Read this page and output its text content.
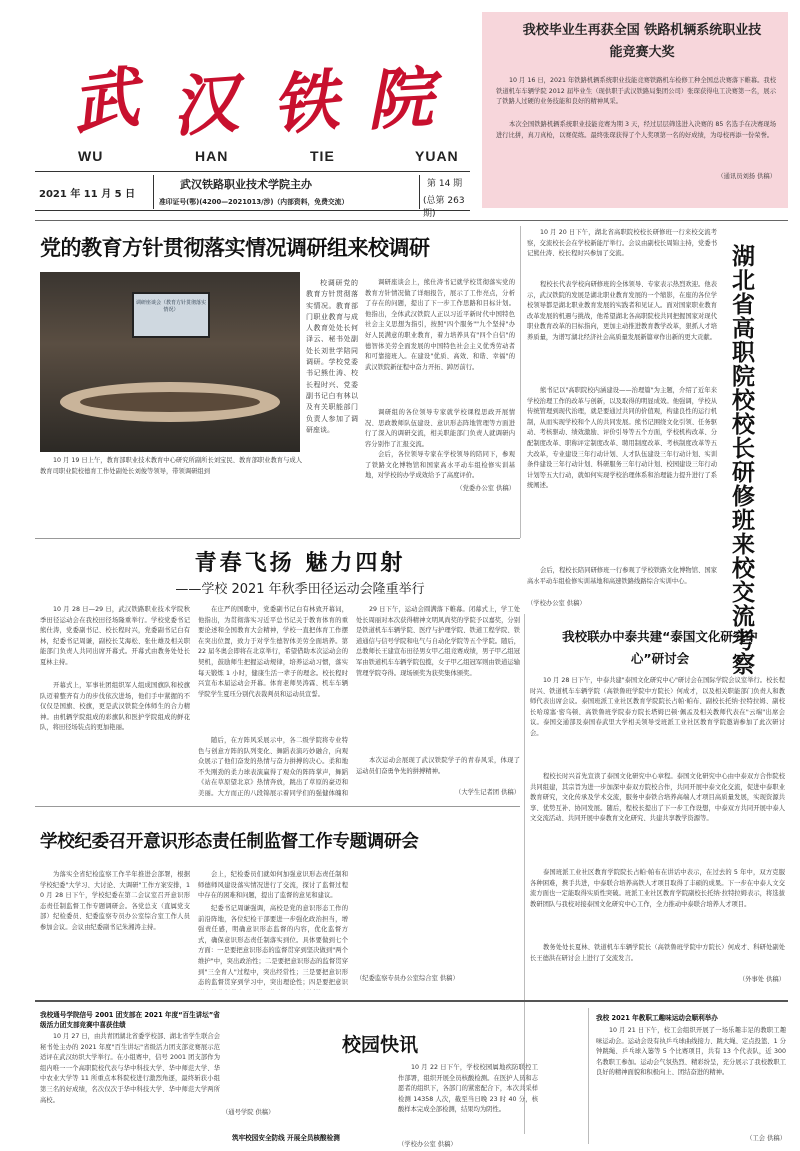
武 汉 铁 院
WU	HAN	TIE	YUAN
2021 年 11 月 5 日
武汉铁路职业技术学院主办
准印证号(鄂)(4200—2021013/涉)（内部资料，免费交流）
第 14 期
(总第 263 期)
我校毕业生再获全国 铁路机辆系统职业技能竞赛大奖
10 月 16 日，2021 年铁路机辆系统职业技能竞赛铁路机车检修工种全国总决赛落下帷幕。我校铁道机车车辆学院 2012 届毕业生（现供职于武汉铁路局集团公司）张琛获得电工决赛第一名，展示了铁路人过硬的业务技能和良好的精神风采。
本次全国铁路机辆系统职业技能竞赛为期 3 天，经过层层筛选进入决赛的 85 名选手在决赛现场进行比拼，真刀真枪，以赛促练。最终张琛获得了个人奖项第一名的好成绩，为母校再添一份荣誉。
（通讯员刘扬 供稿）
党的教育方针贯彻落实情况调研组来校调研
调研座谈会（教育方针贯彻落实情况）
10 月 19 日上午，教育部职业技术教育中心研究所副所长刘宝民、教育部职业教育与成人教育司职业院校德育工作处副处长刘俊等领导，带领调研组到
校调研党的教育方针贯彻落实情况。教育部门职业教育与成人教育处处长何泽云、秘书处副处长刘世学陪同调研。学校党委书记熊仕涛、校长程时兴、党委副书记白有林以及有关职能部门负责人参加了调研座谈。
调研座谈会上，熊仕涛书记就学校贯彻落实党的教育方针情况做了详细报告，展示了工作亮点，分析了存在的问题，提出了下一步工作思路和目标计划。他指出，全体武汉铁院人正以习近平新时代中国特色社会主义思想为指引，按照"四个服务""九个坚持"办好人民满意的职业教育，着力培养具有"四个自信"的德智体美劳全面发展的中国特色社会主义优秀劳动者和可靠接班人。在建设"优质、高效、和谐、幸福"的武汉铁院新征程中奋力开拓、踔厉前行。
调研组的各位领导专家就学校课程思政开展情况、思政教师队伍建设、意识形态阵地管理等方面进行了深入的调研交流，相关职能部门负责人就调研内容分别作了汇报交流。
会后，各位领导专家在学校领导的陪同下，参观了铁路文化博物馆和国家高水平动车组检修实训基地，对学校的办学成效给予了高度评价。
（党委办公室 供稿）
10 月 20 日下午，湖北省高职院校校长研修班一行来校交流考察，交流校长会在学校新能厅举行。会议由副校长周锦主持，党委书记熊仕涛、校长程时兴参加了交流。
程校长代表学校向研修班的全体领导、专家表示热烈欢迎。他表示，武汉铁院的发展是湖北职业教育发展的一个缩影，在座的各位学校领导都是湖北职业教育发展的实践者和见证人。面对国家职业教育改革发展的机遇与挑战，他希望湖北各高职院校共同把握国家对现代职业教育改革的目标指向，更加主动推进教育教学改革，狠抓人才培养质量，为谱写湖北经济社会高质量发展新篇章作出新的更大贡献。
熊书记以"高职院校内涵建设——治理篇"为主题，介绍了近年来学校治理工作的改革与创新，以及取得的明显成效。他强调，学校从传统管理到现代治理，就是要通过共同的价值观，构建良性的运行机制，从而实现学校和个人的共同发展。熊书记围绕文化引领、任务驱动、考核驱动、绩效激励、评价引导等五个方面，学校机构改革、分配制度改革、职称评定制度改革、聘用制度改革、考核制度改革等五大改革，专业建设三年行动计划、人才队伍建设三年行动计划、实训条件建设三年行动计划、科研服务三年行动计划、校园建设三年行动计划等五大行动，就如何实现学校治理体系和治理能力提升进行了系统阐述。
会后，程校长陪同研修班一行参观了学校铁路文化博物馆、国家高水平动车组检修实训基地和高速铁路线路综合实训中心。
（学校办公室 供稿）	湖北省高职院校校长研修班来校交流考察
青春飞扬 魅力四射
——学校 2021 年秋季田径运动会隆重举行
10 月 28 日—29 日，武汉铁路职业技术学院秋季田径运动会在我校田径场隆重举行。学校党委书记熊仕涛，党委副书记、校长程时兴，党委副书记白有林，纪委书记周谦，副校长艾海松、张仕雄及相关职能部门负责人共同出席开幕式。开幕式由教务处处长夏林主持。
开幕式上，军事社团组织军人组成国旗队和校旗队迈着整齐有力的步伐依次进场，他们手中紧握的不仅仅是国旗、校旗，更是武汉铁院全体师生的合力精神。由机辆学院组成的彩旗队和医护学院组成的鲜花队，将田径场装点的更加艳丽。
在庄严的国歌中，党委副书记白有林致开幕词，他指出，为贯彻落实习近平总书记关于教育体育的重要论述和全国教育大会精神，学校一直把体育工作摆在突出位置，致力于对学生德智体美劳全面培养。第 22 届冬奥会即将在北京举行，希望借助本次运动会的契机，鼓励师生把握运动规律，培养运动习惯，落实每天锻炼 1 小时，健康生活一辈子的理念。校长程时兴宣布本届运动会开幕。体育老师吴涛霖、机车车辆学院学生夏珏分别代表裁判员和运动员宣誓。
随后，在方阵风采展示中，各二级学院将专业特色与创意方阵的队列变化、舞蹈表演巧妙融合，向观众展示了他们奋发的热情与奋力拼搏的决心。柔和地不失刚劲的柔力球表演赢得了观众的阵阵掌声，舞蹈《站在草原望北京》热情奔放，跳出了草原的豪迈和美丽。大方而正的八段锦展示着同学们的强健体魄和
29 日下午，运动会圆满落下帷幕。闭幕式上，学工处处长周丽对本次获得精神文明风尚奖的学院予以嘉奖，分别是铁道机车车辆学院、医疗与护理学院、铁道工程学院、铁道通信与信号学院和电气与自动化学院等五个学院。随后，总教师长王建宣布田径男女甲乙组竞赛成绩，男子甲乙组冠军由铁道机车车辆学院包揽，女子甲乙组冠军则由铁道运输管理学院夺得。现场颁奖为获奖集体颁奖。
本次运动会展现了武汉铁院学子的青春风采，体现了运动员们奋勇争先的拼搏精神。
（大学生记者团 供稿）
我校联办中泰共建“泰国文化研究中心”研讨会
10 月 28 日下午，中泰共建"泰国文化研究中心"研讨会在国际学院会议室举行。校长程时兴、铁道机车车辆学院（高铁鲁班学院中方院长）何成才，以及相关职能部门负责人和教师代表出席会议。泰国班派工业社区教育学院院长占帕·帕布、副校长托纳·拉特拉姆、副校长哈琼塞·密乌顿、高铁鲁班学院泰方院长塔姆巴顿·佩孟及相关教师代表在"云端"出席会议。泰国交通部及泰国春武里大学相关领导受班派工业社区教育学院邀请参加了此次研讨会。
程校长时兴首先宣读了泰国文化研究中心章程。泰国文化研究中心由中泰双方合作院校共同组建，其宗旨为进一步加深中泰双方院校合作，共同开展中泰文化交流，促进中泰职业教育研究，文化传承及学术交流，服务中泰铁合培养高端人才项目高质量发展，实现资源共享、优势互补、协同发展。随后，程校长提出了下一步工作设想，中泰双方共同开展中泰人文交流活动、共同开展中泰教育文化研究、共建共享教学资源等。
泰国班派工业社区教育学院院长占帕·帕布在讲话中表示，在过去的 5 年中，双方克服各种困难，携手共进，中泰联合培养高铁人才项目取得了丰硕的成果。下一步在中泰人文交流方面也一定能取得实质性突破。班派工业社区教育学院副校长托纳·拉特拉姆表示，将选拔教研团队与我校对接泰国文化研究中心工作，全力推动中泰联合培养人才项目。
教务处处长夏林、铁道机车车辆学院长（高铁鲁班学院中方院长）何成才、科研处副处长王德洪在研讨会上进行了交流发言。
（外事处 供稿）
学校纪委召开意识形态责任制监督工作专题调研会
为落实全省纪检监察工作半年推进会部署，根据学校纪委"大学习、大讨论、大调研"工作方案安排，10 月 28 日下午，学校纪委在第二会议室召开意识形态责任制监督工作专题调研会。各党总支（直属党支部）纪检委员、纪委监察专员办公室综合室工作人员参加会议。会议由纪委副书记朱湘涛主持。
会上，纪检委员们就如何加强意识形态责任制和师德师风建设落实情况进行了交流，探讨了监督过程中存在的困难和问题，提出了监督的意见和建议。
纪委书记周谦强调，高校是党的意识形态工作的前沿阵地，各位纪检干部要进一步强化政治担当，增强责任感，明确意识形态监督的内容，优化监督方式，确保意识形态责任制落实到位。具体要做到七个方面：一是要把意识形态的监督贯穿到坚决做到"两个维护"中，突出政治性；二是要把意识形态的监督贯穿到"三全育人"过程中，突出经常性；三是要把意识形态的监督贯穿到学习中，突出理论性；四是要把意识
（纪委监察专员办公室综合室 供稿）
校园快讯
我校通号学院信号 2001 团支部在 2021 年度“百生讲坛”省级活力团支部竞赛中喜获佳绩
10 月 27 日，由共青团湖北省委学校部、湖北省学生联合会秘书处主办的 2021 年度"百生讲坛"省级活力团支部竞赛展示范适评在武汉纺织大学举行。在小组赛中，信号 2001 团支部作为组内唯一一个高职院校代表与华中科技大学、华中师范大学、华中农业大学等 11 所重点本科院校进行激烈角逐，最终斩获小组第三名的好成绩，名次仅次于华中科技大学、华中师范大学两所高校。
（通号学院 供稿）
筑牢校园安全防线 开展全员核酸检测
10 月 22 日下午，学校校园属地疾防联控工作部署，组织开展全员核酸检测。在医护人员和志愿者的组织下，各部门的紧密配合下，本次共采样检测 14358 人次，截至当日晚 23 时 40 分，核酸样本完成全部检测，结果均为阴性。
（学校办公室 供稿）
我校 2021 年教职工趣味运动会顺利举办
10 月 21 日下午，校工会组织开展了一场乐趣丰足的教职工趣味运动会。运动会设有执乒乓球曲线接力、跳大绳、定点投篮、1 分钟跳绳、乒乓球入篓等 5 个比赛项目，共有 13 个代表队，近 300 名教职工参加。运动会气氛热烈、精彩纷呈，充分展示了我校教职工良好的精神面貌和积极向上、团结奋进的精神。
（工会 供稿）
